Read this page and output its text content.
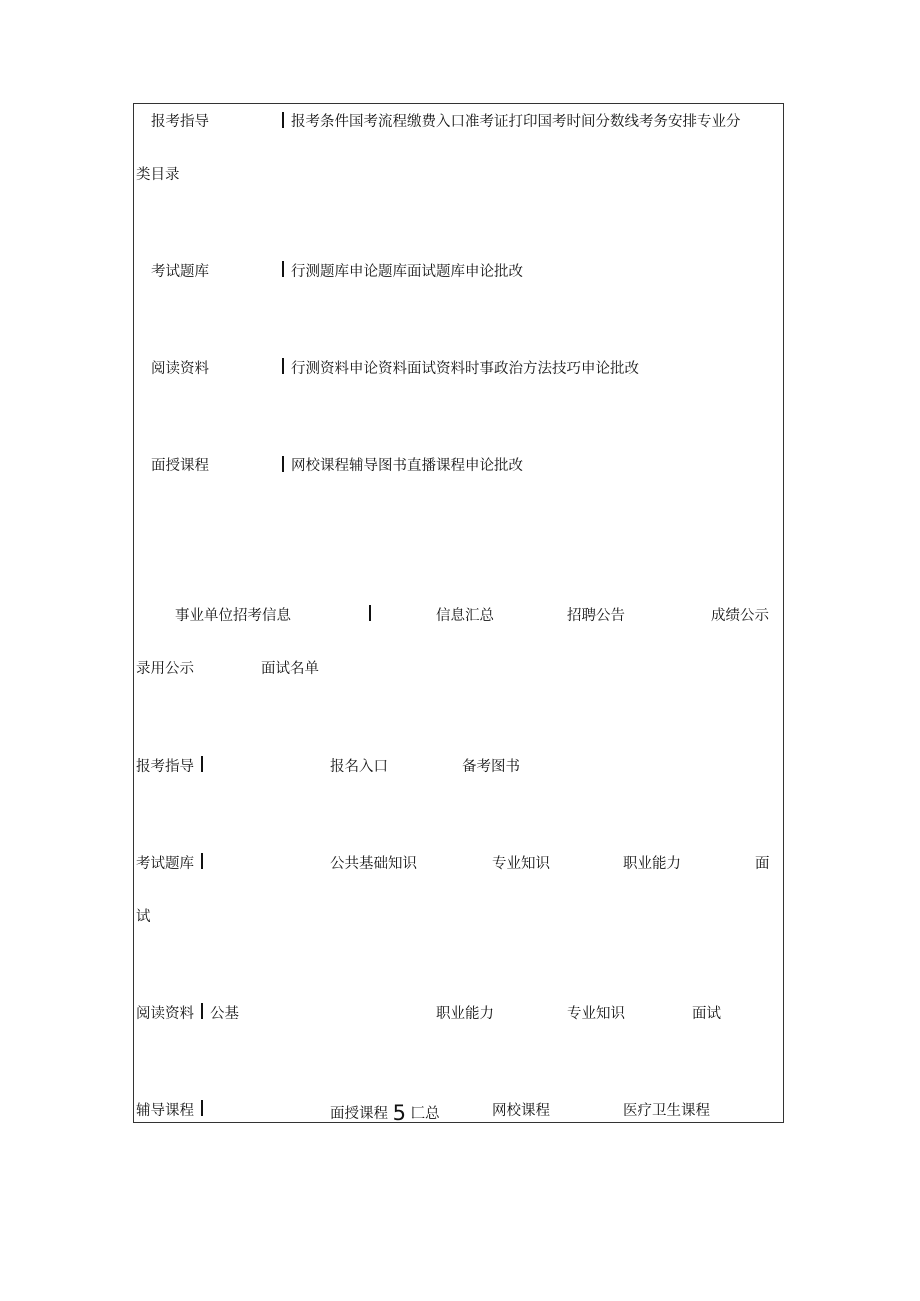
报考指导	报考条件国考流程缴费入口准考证打印国考时间分数线考务安排专业分
类目录
考试题库	行测题库申论题库面试题库申论批改
阅读资料	行测资料申论资料面试资料时事政治方法技巧申论批改
面授课程	网校课程辅导图书直播课程申论批改
事业单位招考信息	信息汇总	招聘公告	成绩公示
录用公示	面试名单
报考指导	报名入口	备考图书
考试题库	公共基础知识	专业知识	职业能力	面
试
阅读资料 公基	职业能力	专业知识	面试
辅导课程	面授课程 5 匚总	网校课程	医疗卫生课程
